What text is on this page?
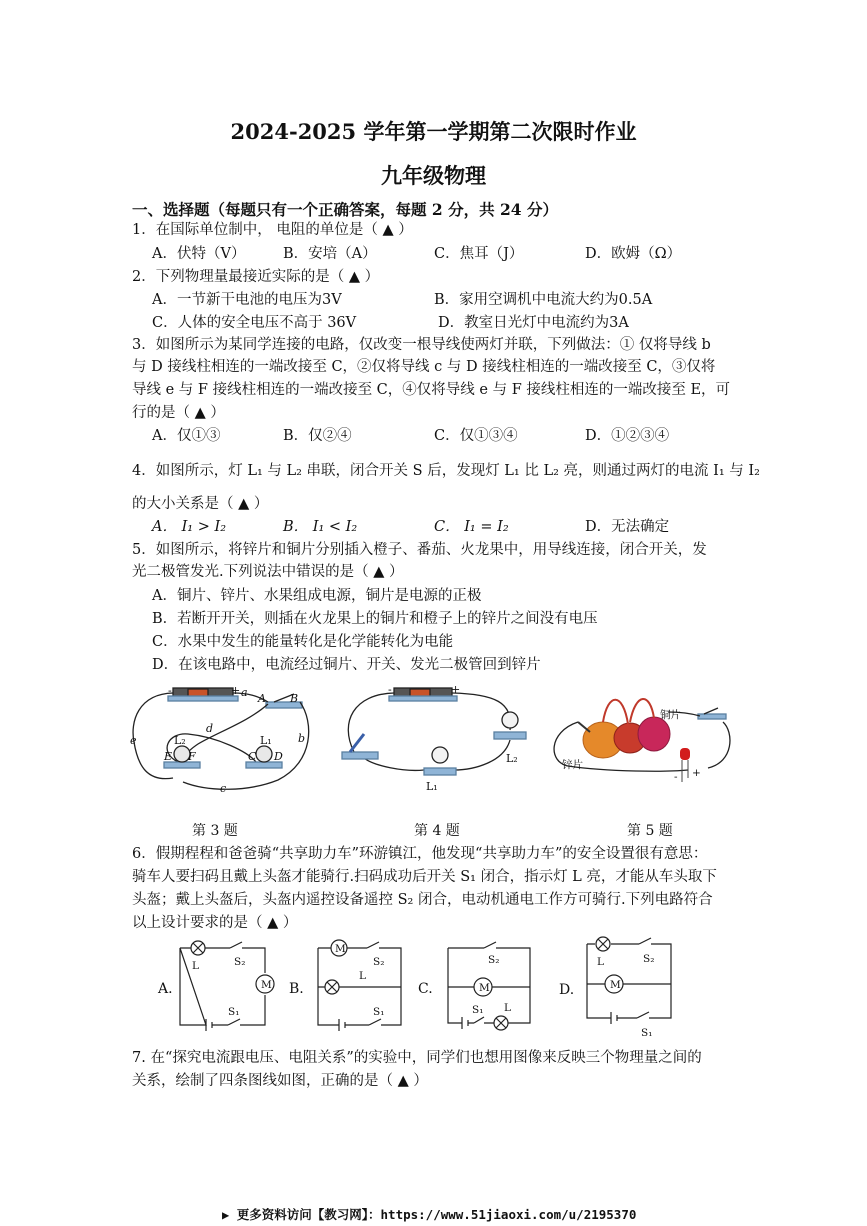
2024-2025 学年第一学期第二次限时作业
九年级物理
一、选择题（每题只有一个正确答案，每题 2 分，共 24 分）
1．在国际单位制中， 电阻的单位是（ ▲ ）
A．伏特（V）	B．安培（A）	C．焦耳（J）	D．欧姆（Ω）
2．下列物理量最接近实际的是（ ▲ ）
A．一节新干电池的电压为3V	B．家用空调机中电流大约为0.5A
C．人体的安全电压不高于 36V	D．教室日光灯中电流约为3A
3．如图所示为某同学连接的电路，仅改变一根导线使两灯并联，下列做法：① 仅将导线 b
与 D 接线柱相连的一端改接至 C，②仅将导线 c 与 D 接线柱相连的一端改接至 C，③仅将
导线 e 与 F 接线柱相连的一端改接至 C，④仅将导线 e 与 F 接线柱相连的一端改接至 E，可
行的是（ ▲ ）
A．仅①③	B．仅②④	C．仅①③④	D．①②③④
4．如图所示，灯 L₁ 与 L₂ 串联，闭合开关 S 后，发现灯 L₁ 比 L₂ 亮，则通过两灯的电流 I₁ 与 I₂
的大小关系是（ ▲ ）
A． I₁ > I₂	B． I₁ < I₂	C． I₁ = I₂	D．无法确定
5．如图所示，将锌片和铜片分别插入橙子、番茄、火龙果中，用导线连接，闭合开关，发
光二极管发光.下列说法中错误的是（ ▲ ）
A．铜片、锌片、水果组成电源，铜片是电源的正极
B．若断开开关，则插在火龙果上的铜片和橙子上的锌片之间没有电压
C．水果中发生的能量转化是化学能转化为电能
D．在该电路中，电流经过铜片、开关、发光二极管回到锌片
+
-	a A B
d
b
e	L₂
E F
L₁
C D
c
+
-
L₂
L₁
铜片
锌片
- +
第 3 题	第 4 题	第 5 题
6．假期程程和爸爸骑“共享助力车”环游镇江，他发现“共享助力车”的安全设置很有意思：
骑车人要扫码且戴上头盔才能骑行.扫码成功后开关 S₁ 闭合，指示灯 L 亮，才能从车头取下
头盔；戴上头盔后，头盔内遥控设备遥控 S₂ 闭合，电动机通电工作方可骑行.下列电路符合
以上设计要求的是（ ▲ ）
A.
L	S₂
M
S₁
B.
M
S₂
L
S₁
C.
S₂
M
S₁ L
D.
L	S₂
M
S₁
7. 在“探究电流跟电压、电阻关系”的实验中，同学们也想用图像来反映三个物理量之间的
关系，绘制了四条图线如图，正确的是（ ▲ ）
▶ 更多资料访问【教习网】：https://www.51jiaoxi.com/u/2195370
